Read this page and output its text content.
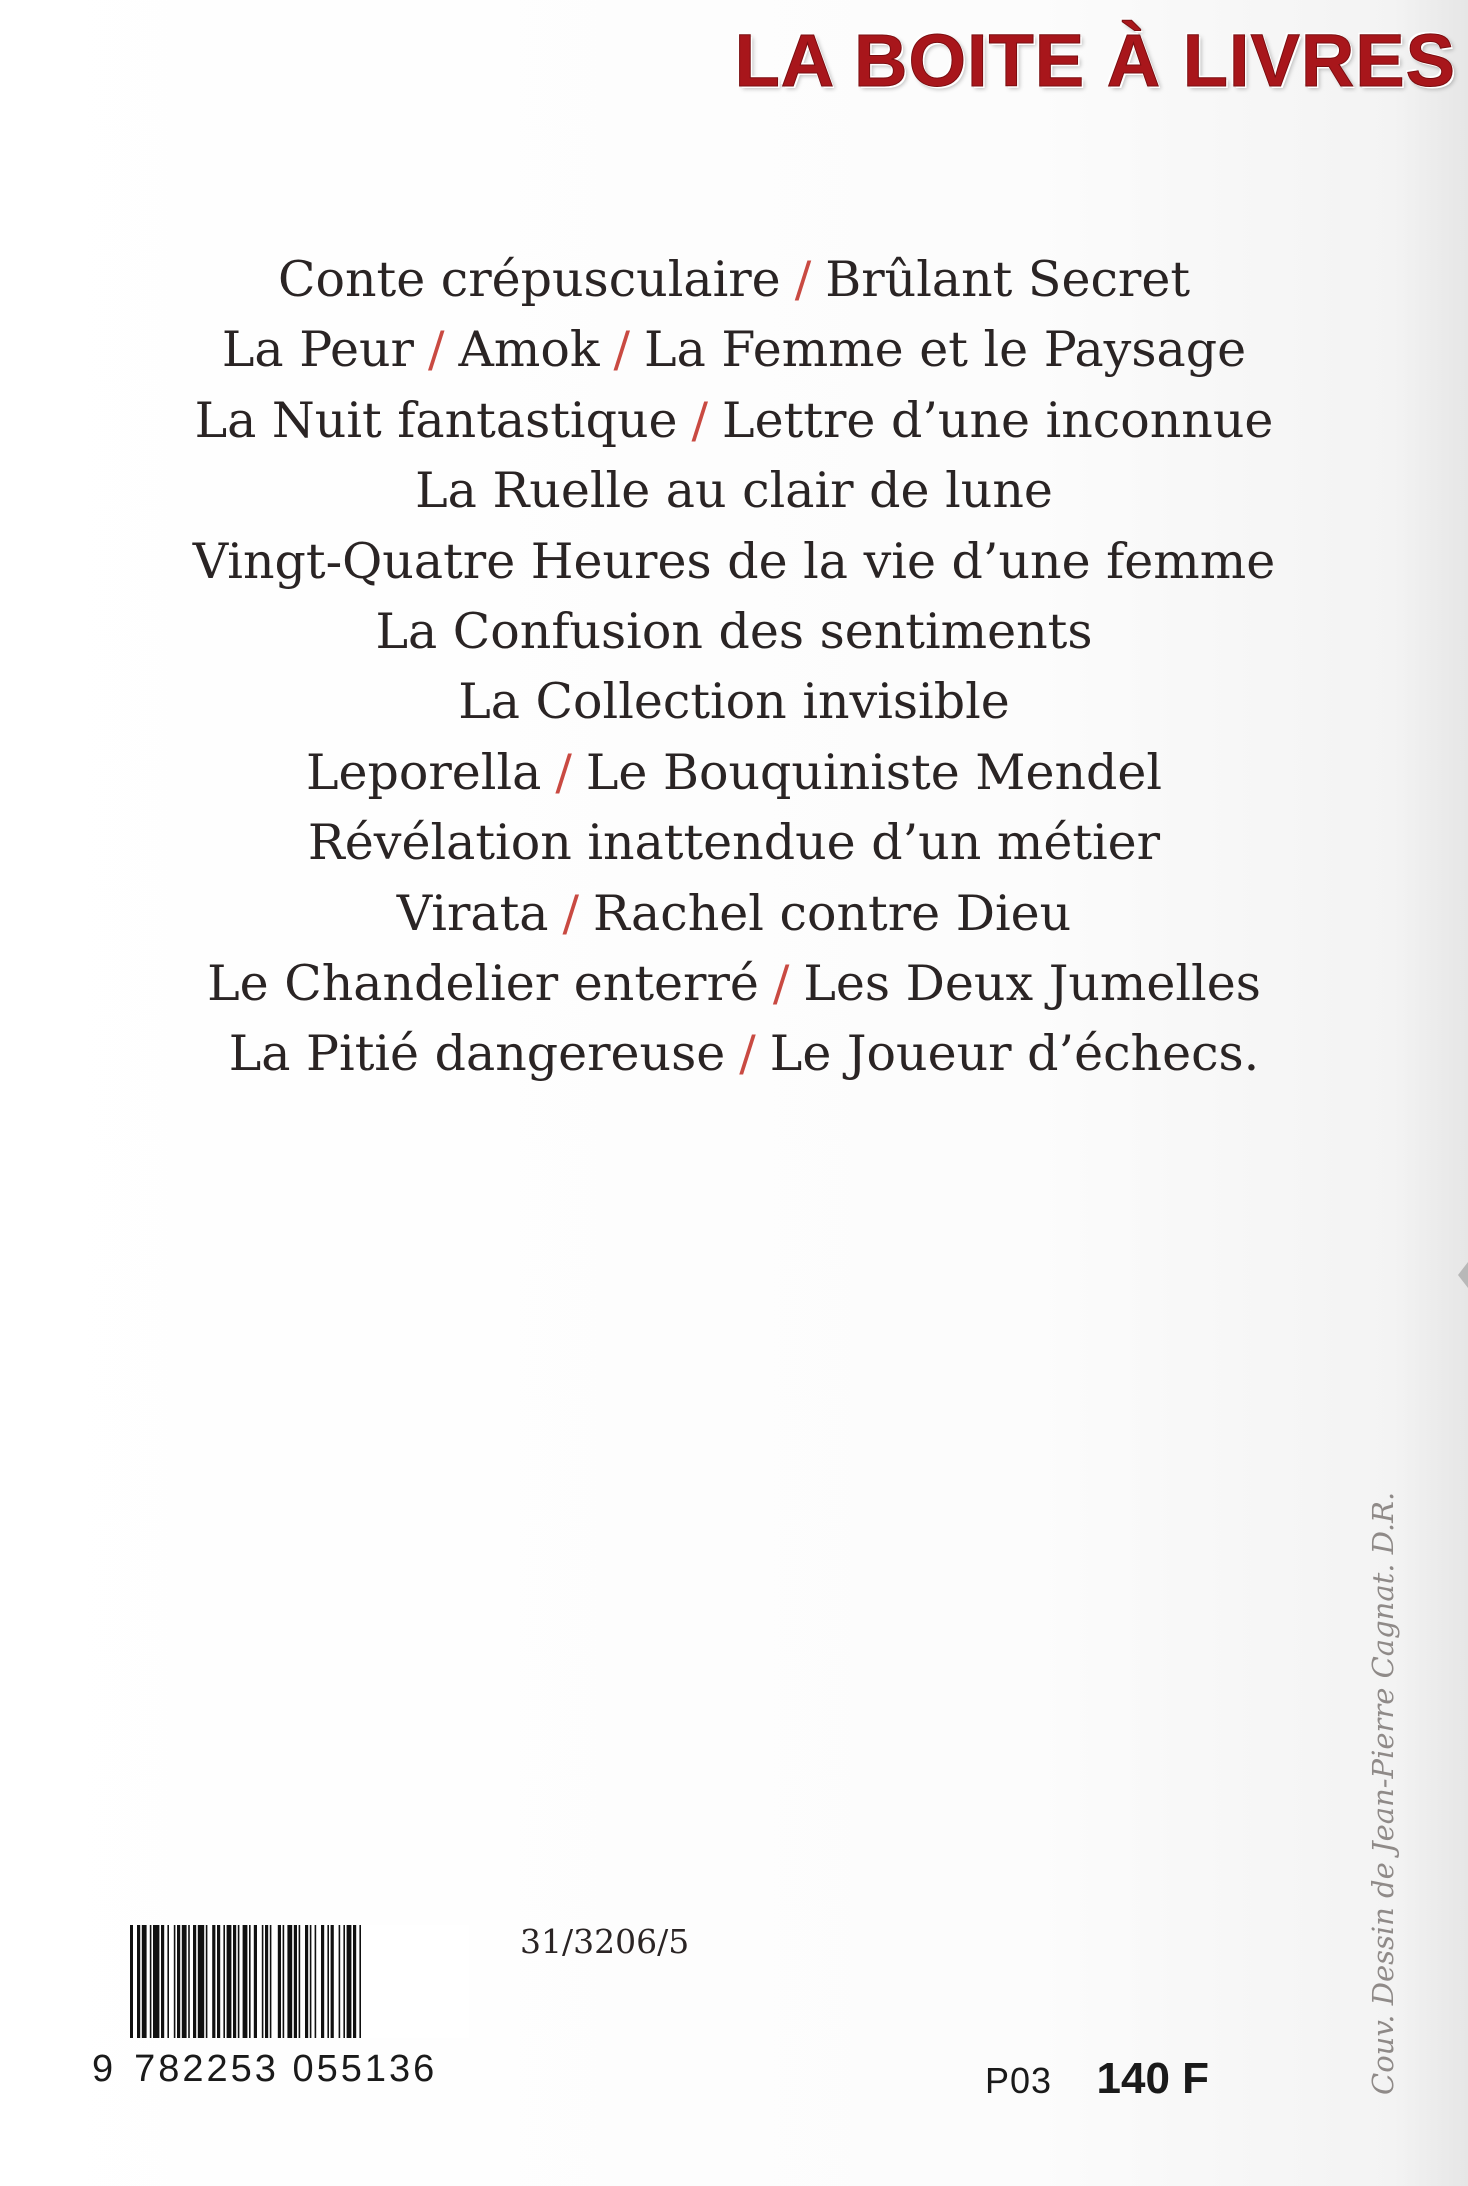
LA BOITE À LIVRES
Conte crépusculaire / Brûlant Secret
La Peur / Amok / La Femme et le Paysage
La Nuit fantastique / Lettre d’une inconnue
La Ruelle au clair de lune
Vingt-Quatre Heures de la vie d’une femme
La Confusion des sentiments
La Collection invisible
Leporella / Le Bouquiniste Mendel
Révélation inattendue d’un métier
Virata / Rachel contre Dieu
Le Chandelier enterré / Les Deux Jumelles
La Pitié dangereuse / Le Joueur d’échecs.
9 782253 055136
31/3206/5
P03 140 F	Couv. Dessin de Jean-Pierre Cagnat. D.R.
